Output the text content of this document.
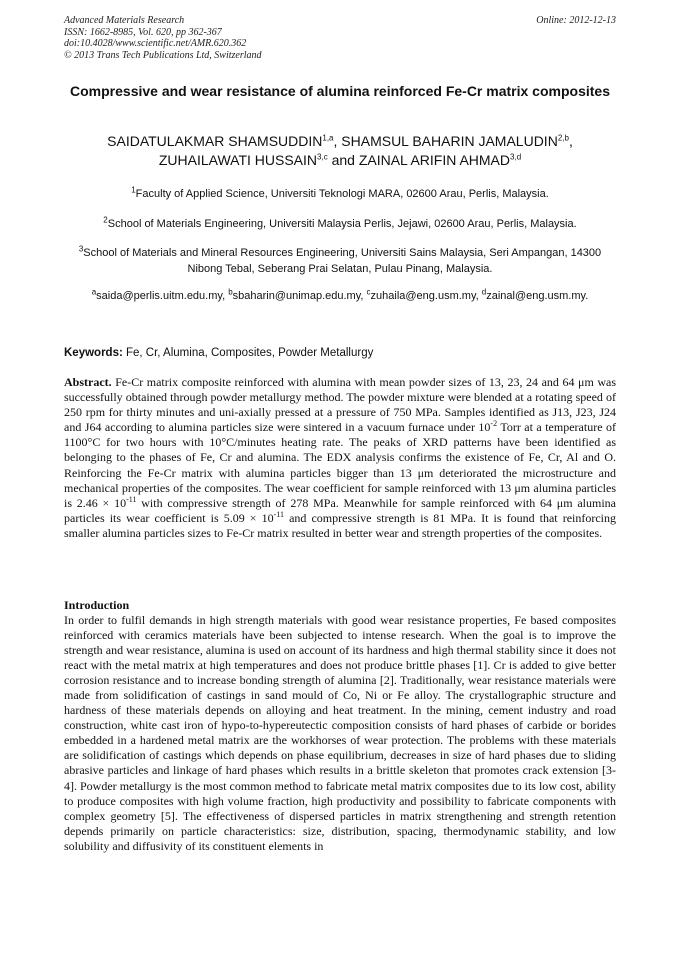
Advanced Materials Research
ISSN: 1662-8985, Vol. 620, pp 362-367
doi:10.4028/www.scientific.net/AMR.620.362
© 2013 Trans Tech Publications Ltd, Switzerland
Online: 2012-12-13
Compressive and wear resistance of alumina reinforced Fe-Cr matrix composites
SAIDATULAKMAR SHAMSUDDIN$^{1,a}$, SHAMSUL BAHARIN JAMALUDIN$^{2,b}$,
ZUHAILAWATI HUSSAIN$^{3,c}$ and ZAINAL ARIFIN AHMAD$^{3,d}$
$^1$Faculty of Applied Science, Universiti Teknologi MARA, 02600 Arau, Perlis, Malaysia.
$^2$School of Materials Engineering, Universiti Malaysia Perlis, Jejawi, 02600 Arau, Perlis, Malaysia.
$^3$School of Materials and Mineral Resources Engineering, Universiti Sains Malaysia, Seri Ampangan, 14300 Nibong Tebal, Seberang Prai Selatan, Pulau Pinang, Malaysia.
$^a$saida@perlis.uitm.edu.my, $^b$sbaharin@unimap.edu.my, $^c$zuhaila@eng.usm.my, $^d$zainal@eng.usm.my.
Keywords: Fe, Cr, Alumina, Composites, Powder Metallurgy
Abstract. Fe-Cr matrix composite reinforced with alumina with mean powder sizes of 13, 23, 24 and 64 μm was successfully obtained through powder metallurgy method. The powder mixture were blended at a rotating speed of 250 rpm for thirty minutes and uni-axially pressed at a pressure of 750 MPa. Samples identified as J13, J23, J24 and J64 according to alumina particles size were sintered in a vacuum furnace under $10^{-2}$ Torr at a temperature of 1100°C for two hours with 10°C/minutes heating rate. The peaks of XRD patterns have been identified as belonging to the phases of Fe, Cr and alumina. The EDX analysis confirms the existence of Fe, Cr, Al and O. Reinforcing the Fe-Cr matrix with alumina particles bigger than 13 μm deteriorated the microstructure and mechanical properties of the composites. The wear coefficient for sample reinforced with 13 μm alumina particles is $2.46 \times 10^{-11}$ with compressive strength of 278 MPa. Meanwhile for sample reinforced with 64 μm alumina particles its wear coefficient is $5.09 \times 10^{-11}$ and compressive strength is 81 MPa. It is found that reinforcing smaller alumina particles sizes to Fe-Cr matrix resulted in better wear and strength properties of the composites.
Introduction
In order to fulfil demands in high strength materials with good wear resistance properties, Fe based composites reinforced with ceramics materials have been subjected to intense research. When the goal is to improve the strength and wear resistance, alumina is used on account of its hardness and high thermal stability since it does not react with the metal matrix at high temperatures and does not produce brittle phases [1]. Cr is added to give better corrosion resistance and to increase bonding strength of alumina [2]. Traditionally, wear resistance materials were made from solidification of castings in sand mould of Co, Ni or Fe alloy. The crystallographic structure and hardness of these materials depends on alloying and heat treatment. In the mining, cement industry and road construction, white cast iron of hypo-to-hypereutectic composition consists of hard phases of carbide or borides embedded in a hardened metal matrix are the workhorses of wear protection. The problems with these materials are solidification of castings which depends on phase equilibrium, decreases in size of hard phases due to sliding abrasive particles and linkage of hard phases which results in a brittle skeleton that promotes crack extension [3-4]. Powder metallurgy is the most common method to fabricate metal matrix composites due to its low cost, ability to produce composites with high volume fraction, high productivity and possibility to fabricate components with complex geometry [5]. The effectiveness of dispersed particles in matrix strengthening and strength retention depends primarily on particle characteristics: size, distribution, spacing, thermodynamic stability, and low solubility and diffusivity of its constituent elements in
